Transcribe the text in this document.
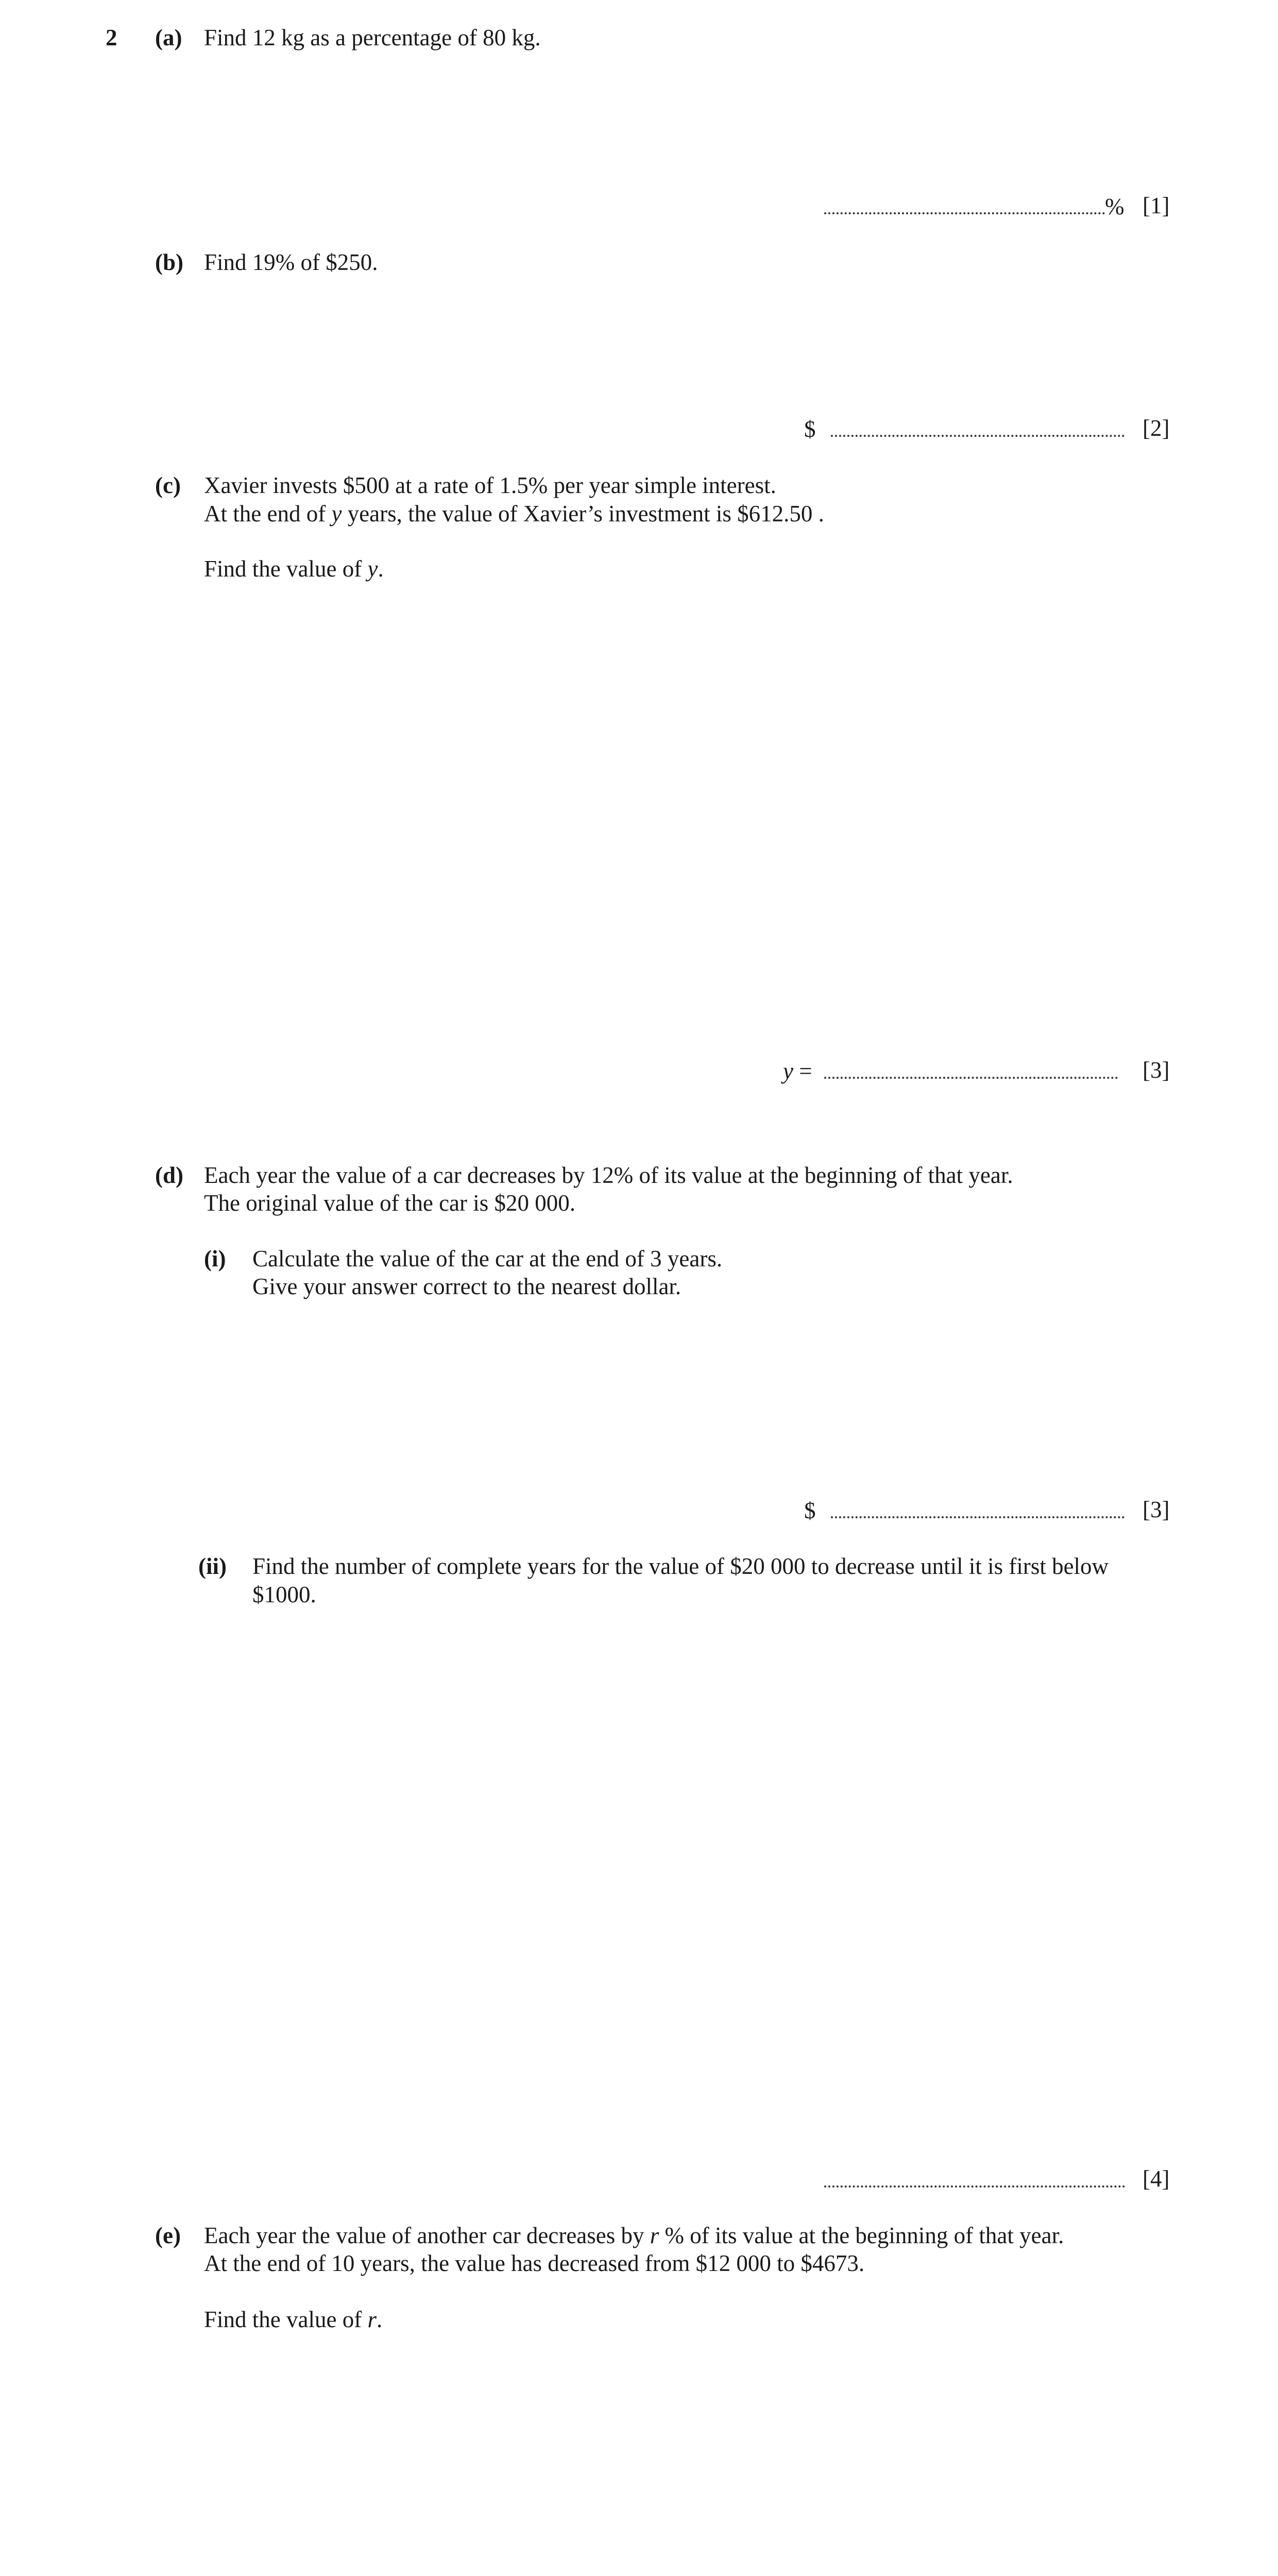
2 (a) Find 12 kg as a percentage of 80 kg.
% [1]
(b) Find 19% of $250.
$	[2]
(c) Xavier invests $500 at a rate of 1.5% per year simple interest.
At the end of y years, the value of Xavier’s investment is $612.50 .
Find the value of y.
y =	[3]
(d) Each year the value of a car decreases by 12% of its value at the beginning of that year.
The original value of the car is $20 000.
(i) Calculate the value of the car at the end of 3 years.
Give your answer correct to the nearest dollar.
$	[3]
(ii) Find the number of complete years for the value of $20 000 to decrease until it is first below
$1000.
[4]
(e) Each year the value of another car decreases by r % of its value at the beginning of that year.
At the end of 10 years, the value has decreased from $12 000 to $4673.
Find the value of r.
